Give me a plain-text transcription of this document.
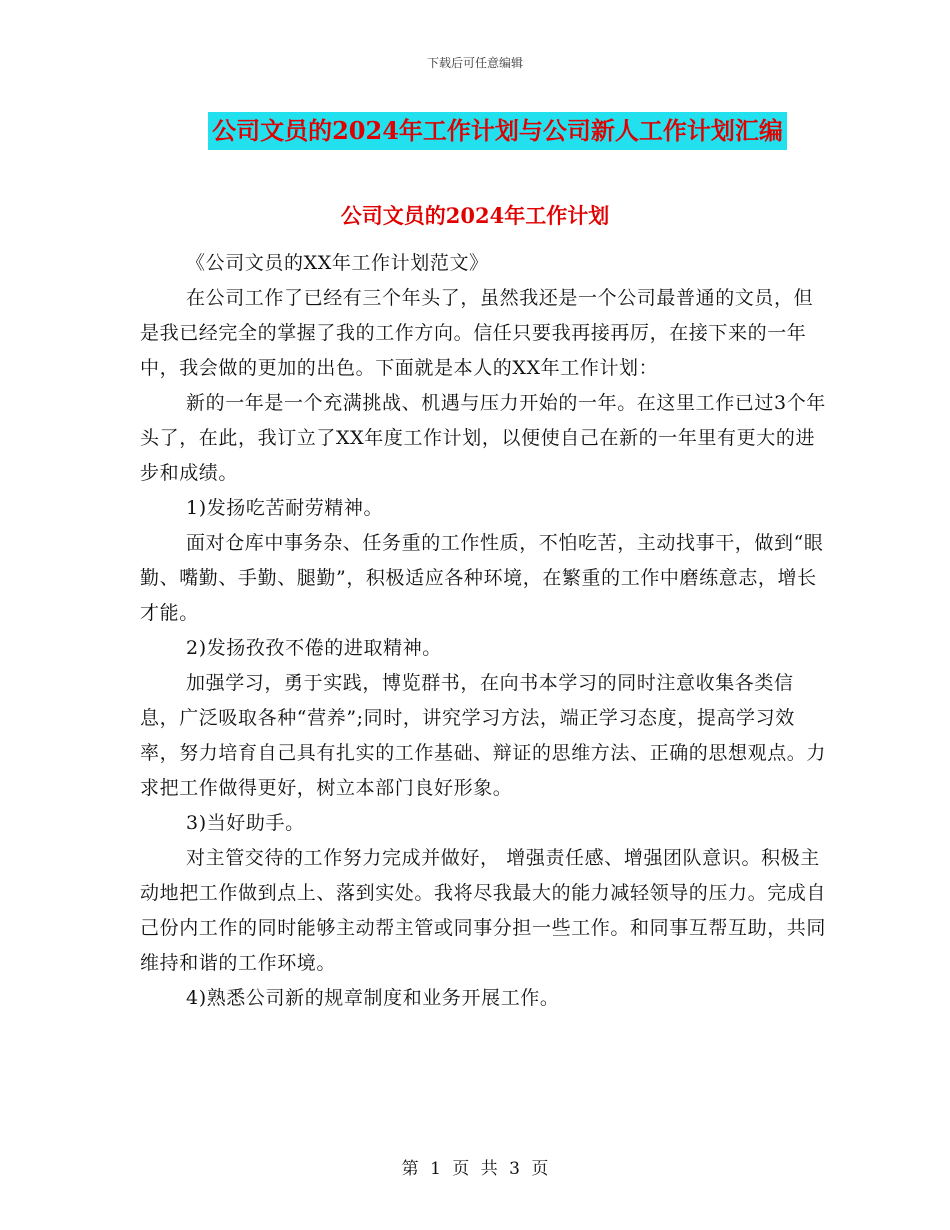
下载后可任意编辑
公司文员的2024年工作计划与公司新人工作计划汇编
公司文员的2024年工作计划

《公司文员的XX年工作计划范文》

在公司工作了已经有三个年头了，虽然我还是一个公司最普通的文员，但是我已经完全的掌握了我的工作方向。信任只要我再接再厉，在接下来的一年中，我会做的更加的出色。下面就是本人的XX年工作计划：

新的一年是一个充满挑战、机遇与压力开始的一年。在这里工作已过3个年头了，在此，我订立了XX年度工作计划，以便使自己在新的一年里有更大的进步和成绩。

1)发扬吃苦耐劳精神。

面对仓库中事务杂、任务重的工作性质，不怕吃苦，主动找事干，做到“眼勤、嘴勤、手勤、腿勤”，积极适应各种环境，在繁重的工作中磨练意志，增长才能。

2)发扬孜孜不倦的进取精神。

加强学习，勇于实践，博览群书，在向书本学习的同时注意收集各类信息，广泛吸取各种“营养”;同时，讲究学习方法，端正学习态度，提高学习效率，努力培育自己具有扎实的工作基础、辩证的思维方法、正确的思想观点。力求把工作做得更好，树立本部门良好形象。

3)当好助手。

对主管交待的工作努力完成并做好， 增强责任感、增强团队意识。积极主动地把工作做到点上、落到实处。我将尽我最大的能力减轻领导的压力。完成自己份内工作的同时能够主动帮主管或同事分担一些工作。和同事互帮互助，共同维持和谐的工作环境。

4)熟悉公司新的规章制度和业务开展工作。

第 1 页 共 3 页
